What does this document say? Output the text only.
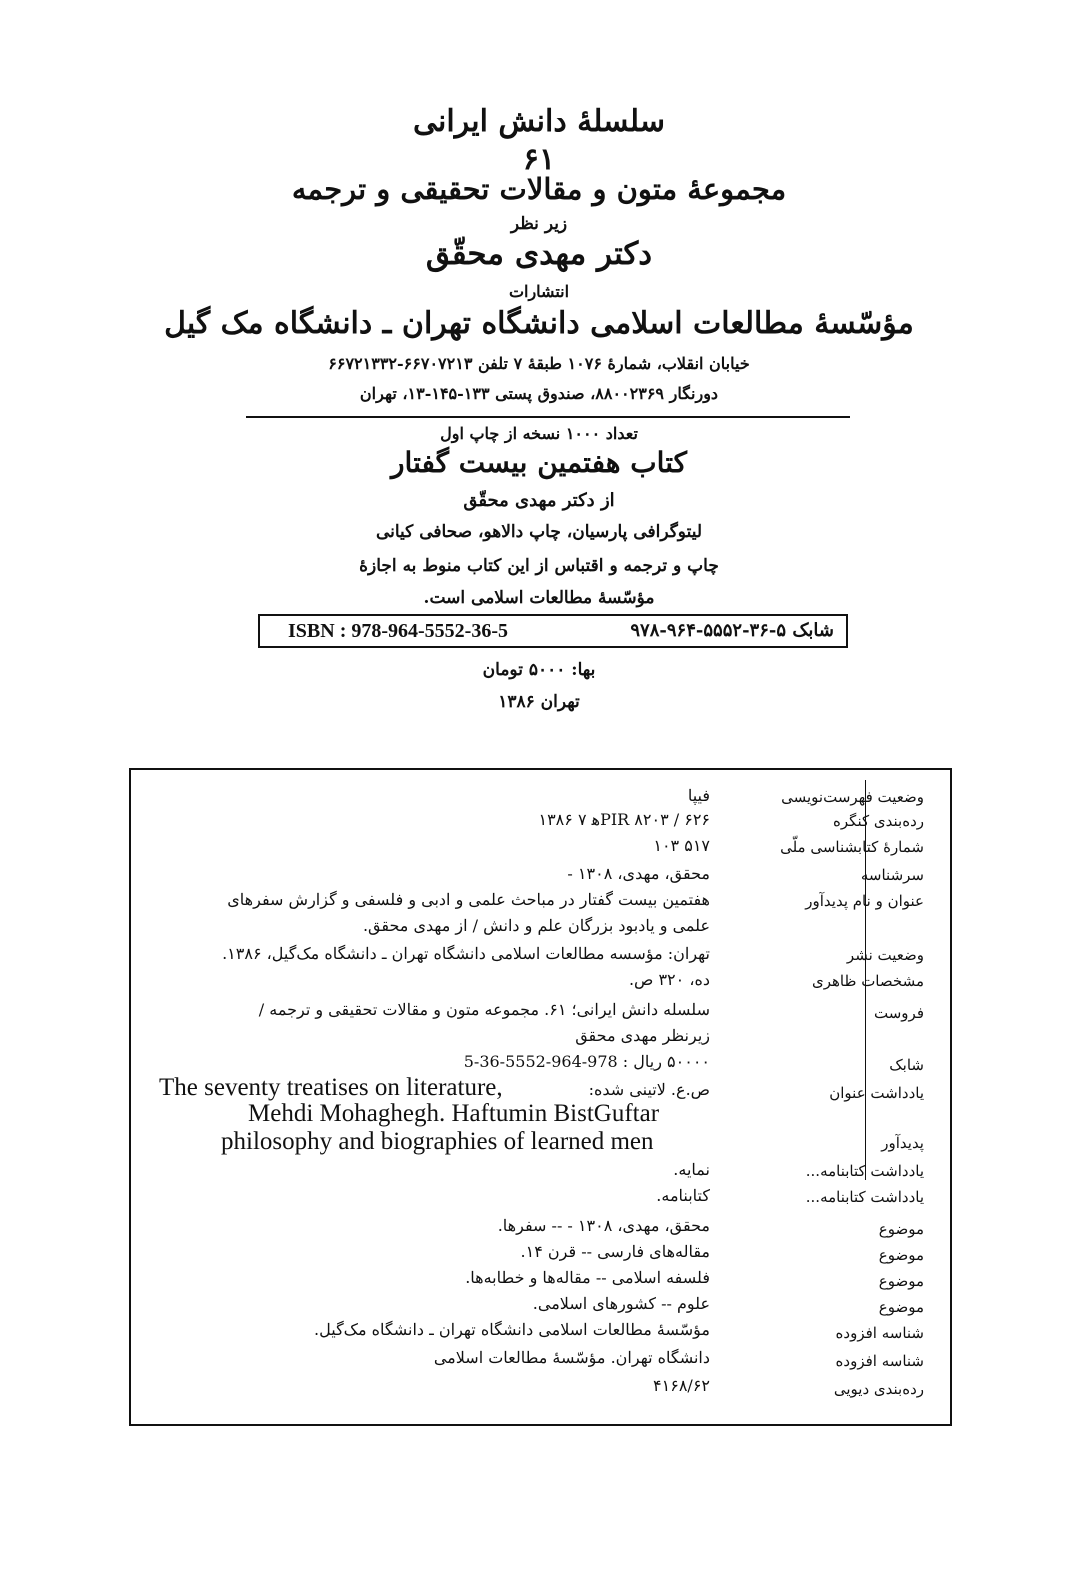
سلسلهٔ دانش ایرانی
۶۱
مجموعهٔ متون و مقالات تحقیقی و ترجمه
زیر نظر
دکتر مهدی محقّق
انتشارات
مؤسّسهٔ مطالعات اسلامی دانشگاه تهران ـ دانشگاه مک گیل
خیابان انقلاب، شمارهٔ ۱۰۷۶ طبقهٔ ۷ تلفن ۶۶۷۰۷۲۱۳-۶۶۷۲۱۳۳۲
دورنگار ۸۸۰۰۲۳۶۹، صندوق پستی ۱۳۳-۱۴۵-۱۳، تهران
تعداد ۱۰۰۰ نسخه از چاپ اول
کتاب هفتمین بیست گفتار
از دکتر مهدی محقّق
لیتوگرافی پارسیان، چاپ دالاهو، صحافی کیانی
چاپ و ترجمه و اقتباس از این کتاب منوط به اجازهٔ
مؤسّسهٔ مطالعات اسلامی است.
ISBN : 978-964-5552-36-5	شابک ۵-۳۶-۵۵۵۲-۹۶۴-۹۷۸
بها: ۵۰۰۰ تومان
تهران ۱۳۸۶
وضعیت فهرست‌نویسی
رده‌بندی کنگره
شمارهٔ کتابشناسی ملّی
سرشناسه
عنوان و نام پدیدآور
وضعیت نشر
مشخصات ظاهری
فروست
شابک
یادداشت عنوان
پدیدآور
یادداشت کتابنامه...
یادداشت کتابنامه...
موضوع
موضوع
موضوع
موضوع
شناسه افزوده
شناسه افزوده
رده‌بندی دیویی
فیپا
PIR ۸۲۰۳ / ۶۲۶ه‍ ۷ ۱۳۸۶
۵۱۷ ۱۰۳
محقق، مهدی، ۱۳۰۸ -
هفتمین بیست گفتار در مباحث علمی و ادبی و فلسفی و گزارش سفرهای
علمی و یادبود بزرگان علم و دانش / از مهدی محقق.
تهران: مؤسسه مطالعات اسلامی دانشگاه تهران ـ دانشگاه مک‌گیل، ۱۳۸۶.
ده، ۳۲۰ ص.
سلسله دانش ایرانی؛ ۶۱. مجموعه متون و مقالات تحقیقی و ترجمه /
زیرنظر مهدی محقق
۵۰۰۰۰ ریال : 978-964-5552-36-5
ص.ع. لاتینی شده:
نمایه.
کتابنامه.
محقق، مهدی، ۱۳۰۸ - -- سفرها.
مقاله‌های فارسی -- قرن ۱۴.
فلسفه اسلامی -- مقاله‌ها و خطابه‌ها.
علوم -- کشورهای اسلامی.
مؤسّسهٔ مطالعات اسلامی دانشگاه تهران ـ دانشگاه مک‌گیل.
دانشگاه تهران. مؤسّسهٔ مطالعات اسلامی
۴۱۶۸/۶۲
The seventy treatises on literature,
Mehdi Mohaghegh. Haftumin BistGuftar
philosophy and biographies of learned men
